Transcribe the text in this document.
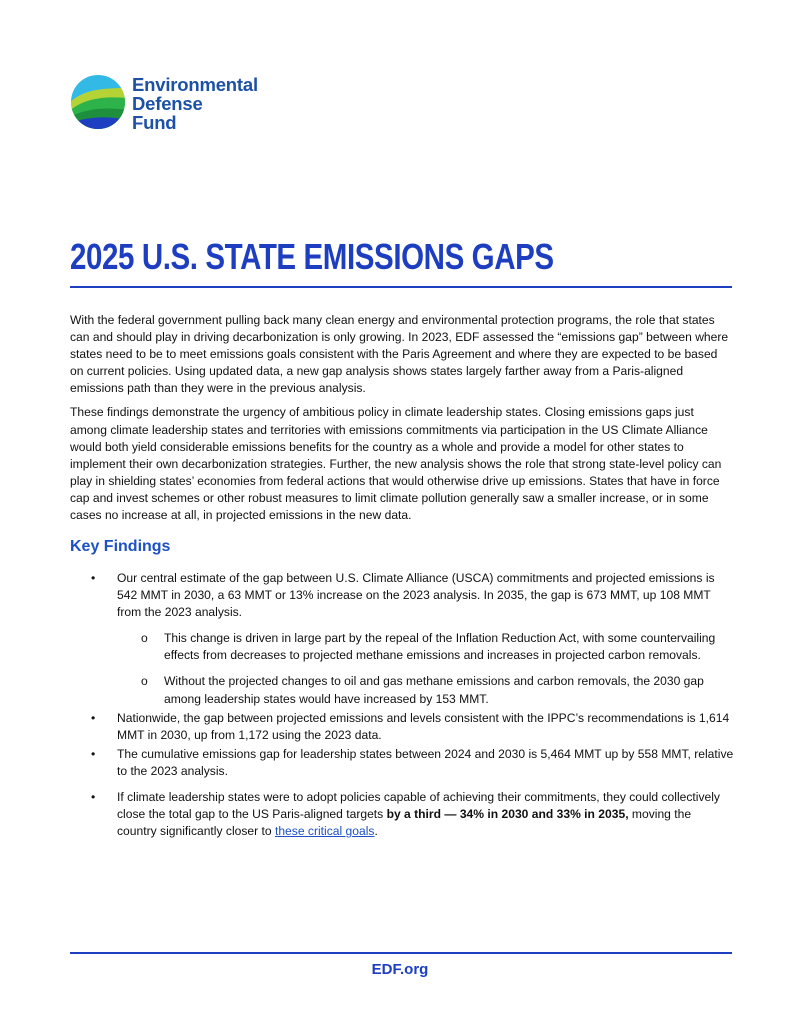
Environmental
Defense
Fund
2025 U.S. STATE EMISSIONS GAPS

With the federal government pulling back many clean energy and environmental protection programs, the role that states can and should play in driving decarbonization is only growing. In 2023, EDF assessed the “emissions gap” between where states need to be to meet emissions goals consistent with the Paris Agreement and where they are expected to be based on current policies. Using updated data, a new gap analysis shows states largely farther away from a Paris-aligned emissions path than they were in the previous analysis.

These findings demonstrate the urgency of ambitious policy in climate leadership states. Closing emissions gaps just among climate leadership states and territories with emissions commitments via participation in the US Climate Alliance would both yield considerable emissions benefits for the country as a whole and provide a model for other states to implement their own decarbonization strategies. Further, the new analysis shows the role that strong state-level policy can play in shielding states’ economies from federal actions that would otherwise drive up emissions. States that have in force cap and invest schemes or other robust measures to limit climate pollution generally saw a smaller increase, or in some cases no increase at all, in projected emissions in the new data.

Key Findings
• Our central estimate of the gap between U.S. Climate Alliance (USCA) commitments and projected emissions is 542 MMT in 2030, a 63 MMT or 13% increase on the 2023 analysis. In 2035, the gap is 673 MMT, up 108 MMT from the 2023 analysis.
o This change is driven in large part by the repeal of the Inflation Reduction Act, with some countervailing effects from decreases to projected methane emissions and increases in projected carbon removals.
o Without the projected changes to oil and gas methane emissions and carbon removals, the 2030 gap among leadership states would have increased by 153 MMT.
• Nationwide, the gap between projected emissions and levels consistent with the IPPC’s recommendations is 1,614 MMT in 2030, up from 1,172 using the 2023 data.
• The cumulative emissions gap for leadership states between 2024 and 2030 is 5,464 MMT up by 558 MMT, relative to the 2023 analysis.
• If climate leadership states were to adopt policies capable of achieving their commitments, they could collectively close the total gap to the US Paris-aligned targets by a third — 34% in 2030 and 33% in 2035, moving the country significantly closer to these critical goals.
EDF.org
